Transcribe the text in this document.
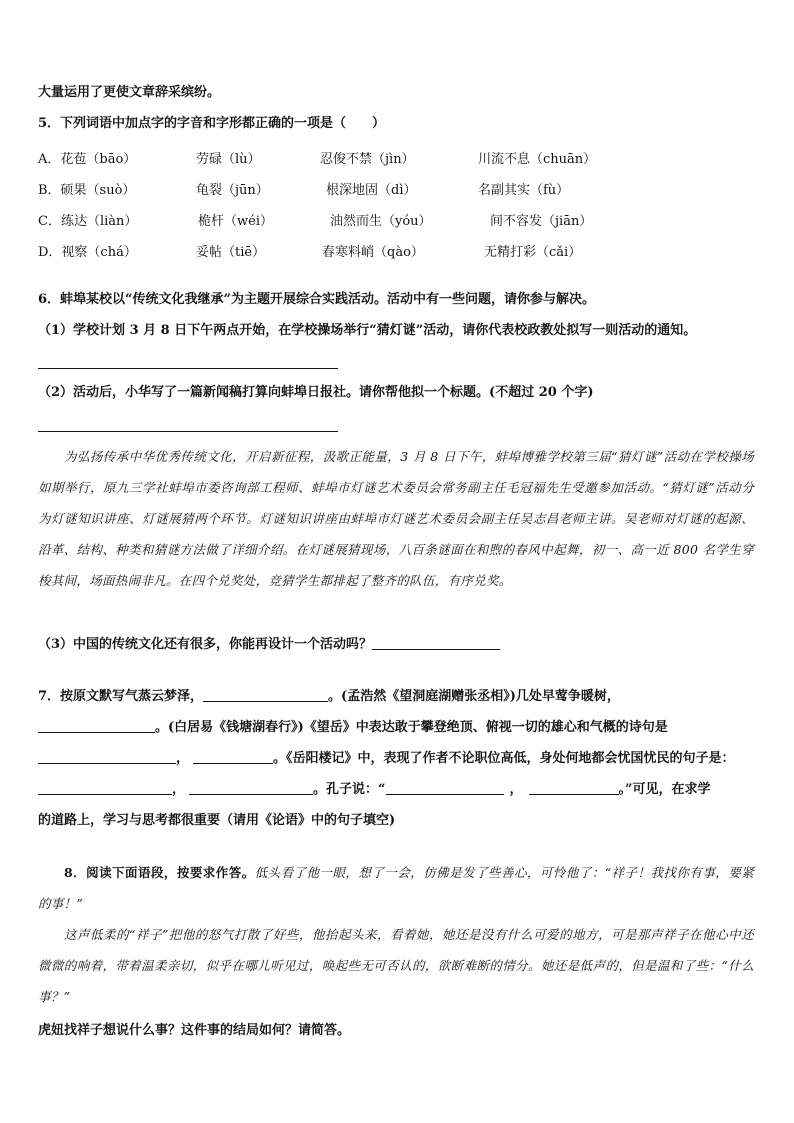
大量运用了更使文章辞采缤纷。
5．下列词语中加点字的字音和字形都正确的一项是（　　）
A．花苞（bāo）	劳碌（lù）	忍俊不禁（jìn）	川流不息（chuān）
B．硕果（suò）	龟裂（jūn）	根深地固（dì）	名副其实（fù）
C．练达（liàn）	桅杆（wéi）	油然而生（yóu）	间不容发（jiān）
D．视察（chá）	妥帖（tiē）	春寒料峭（qào）	无精打彩（cǎi）
6．蚌埠某校以“传统文化我继承”为主题开展综合实践活动。活动中有一些问题，请你参与解决。
（1）学校计划 3 月 8 日下午两点开始，在学校操场举行“猜灯谜”活动，请你代表校政教处拟写一则活动的通知。
（2）活动后，小华写了一篇新闻稿打算向蚌埠日报社。请你帮他拟一个标题。(不超过 20 个字)

为弘扬传承中华优秀传统文化，开启新征程，汲歌正能量，3 月 8 日下午，蚌埠博雅学校第三届“猜灯谜”活动在学校操场如期举行，原九三学社蚌埠市委咨询部工程师、蚌埠市灯谜艺术委员会常务副主任毛冠福先生受邀参加活动。“猜灯谜”活动分为灯谜知识讲座、灯谜展猜两个环节。灯谜知识讲座由蚌埠市灯谜艺术委员会副主任吴志昌老师主讲。吴老师对灯谜的起源、沿革、结构、种类和猜谜方法做了详细介绍。在灯谜展猜现场，八百条谜面在和煦的春风中起舞，初一、高一近 800 名学生穿梭其间，场面热闹非凡。在四个兑奖处，竞猜学生都排起了整齐的队伍，有序兑奖。

（3）中国的传统文化还有很多，你能再设计一个活动吗？
7．按原文默写气蒸云梦泽，	。(孟浩然《望洞庭湖赠张丞相》)几处早莺争暖树，
。(白居易《钱塘湖春行》)《望岳》中表达敢于攀登绝顶、俯视一切的雄心和气概的诗句是
，	。《岳阳楼记》中，表现了作者不论职位高低，身处何地都会忧国忧民的句子是：
，	。孔子说：“	，	。”可见，在求学
的道路上，学习与思考都很重要（请用《论语》中的句子填空)

8．阅读下面语段，按要求作答。低头看了他一眼，想了一会，仿佛是发了些善心，可怜他了：“祥子！我找你有事，要紧的事！”

这声低柔的“祥子”把他的怒气打散了好些，他抬起头来，看着她，她还是没有什么可爱的地方，可是那声祥子在他心中还微微的响着，带着温柔亲切，似乎在哪儿听见过，唤起些无可否认的，欲断难断的情分。她还是低声的，但是温和了些：“什么事？”

虎妞找祥子想说什么事？这件事的结局如何？请简答。
